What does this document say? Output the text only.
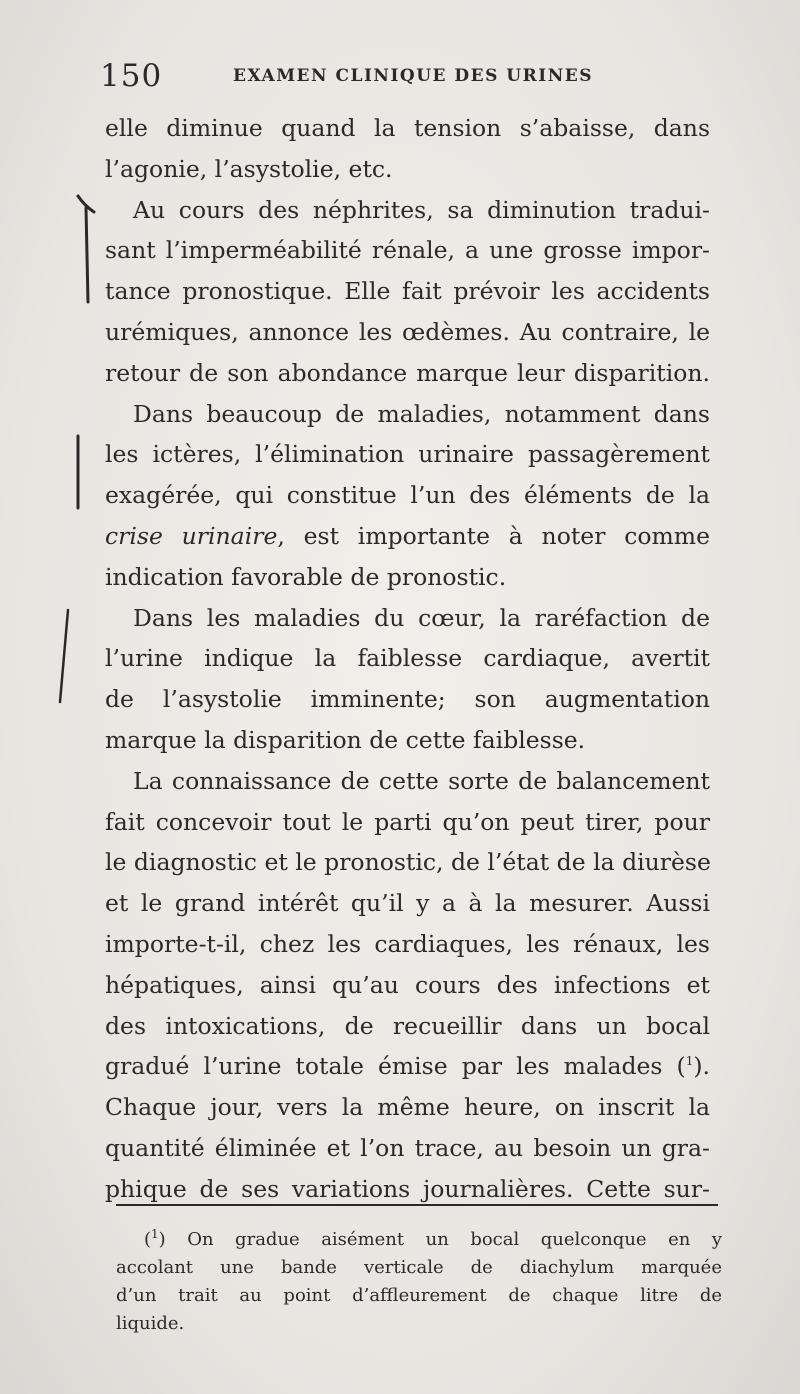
150	EXAMEN CLINIQUE DES URINES
elle diminue quand la tension s’abaisse, dans
l’agonie, l’asystolie, etc.
Au cours des néphrites, sa diminution tradui-
sant l’imperméabilité rénale, a une grosse impor-
tance pronostique. Elle fait prévoir les accidents
urémiques, annonce les œdèmes. Au contraire, le
retour de son abondance marque leur disparition.
Dans beaucoup de maladies, notamment dans
les ictères, l’élimination urinaire passagèrement
exagérée, qui constitue l’un des éléments de la
crise urinaire, est importante à noter comme
indication favorable de pronostic.
Dans les maladies du cœur, la raréfaction de
l’urine indique la faiblesse cardiaque, avertit
de l’asystolie imminente; son augmentation
marque la disparition de cette faiblesse.
La connaissance de cette sorte de balancement
fait concevoir tout le parti qu’on peut tirer, pour
le diagnostic et le pronostic, de l’état de la diurèse
et le grand intérêt qu’il y a à la mesurer. Aussi
importe-t-il, chez les cardiaques, les rénaux, les
hépatiques, ainsi qu’au cours des infections et
des intoxications, de recueillir dans un bocal
gradué l’urine totale émise par les malades ($^1$).
Chaque jour, vers la même heure, on inscrit la
quantité éliminée et l’on trace, au besoin un gra-
phique de ses variations journalières. Cette sur-
($^1$) On gradue aisément un bocal quelconque en y
accolant une bande verticale de diachylum marquée
d’un trait au point d’affleurement de chaque litre de
liquide.
